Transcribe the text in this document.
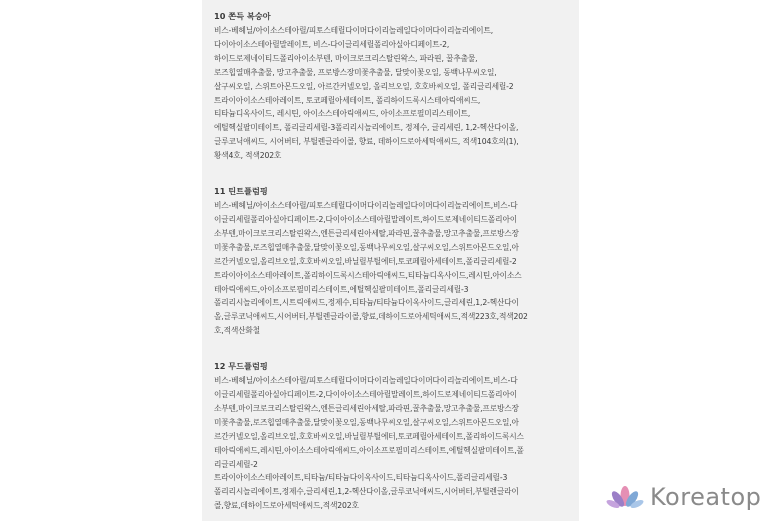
10 쫀득 복숭아
비스-베헤닐/아이소스테아릴/피토스테릴다이머다이리놀레일다이머다이리놀리에이트,
다이아이소스테아릴말레이트, 비스-다이글리세릴폴리아실아디페이트-2,
하이드로제네이티드폴리아이소부텐, 마이크로크리스탈린왁스, 파라핀, 꿀추출물,
로즈힙열매추출물, 망고추출물, 프로방스장미꽃추출물, 달맞이꽃오일, 동백나무씨오일,
살구씨오일, 스위트아몬드오일, 아르간커넬오일, 올리브오일, 호호바씨오일, 폴리글리세릴-2
트라이아이소스테아레이트, 토코페릴아세테이트, 폴리하이드록시스테아릭애씨드,
티타늄디옥사이드, 레시틴, 아이소스테아릭애씨드, 아이소프로필미리스테이트,
에틸헥실팔미테이트, 폴리글리세릴-3폴리리시놀리에이트, 정제수, 글리세린, 1,2-헥산다이올,
글루코닉애씨드, 시어버터, 부틸렌글라이콜, 향료, 데하이드로아세틱애씨드, 적색104호의(1),
황색4호, 적색202호
11 틴트플럼핑
비스-베헤닐/아이소스테아릴/피토스테릴다이머다이리놀레일다이머다이리놀리에이트,비스-다
이글리세릴폴리아실아디페이트-2,다이아이소스테아릴말레이트,하이드로제네이티드폴리아이
소부텐,마이크로크리스탈린왁스,엔튼글리세린아세탈,파라핀,꿀추출물,망고추출물,프로방스장
미꽃추출물,로즈힙열매추출물,달맞이꽃오일,동백나무씨오일,살구씨오일,스위트아몬드오일,아
르간커넬오일,올리브오일,호호바씨오일,바닐릴부틸에터,토코페릴아세테이트,폴리글리세릴-2
트라이아이소스테아레이트,폴리하이드록시스테아릭애씨드,티타늄디옥사이드,레시틴,아이소스
테아릭애씨드,아이소프로필미리스테이트,에틸헥실팔미테이트,폴리글리세릴-3
폴리리시놀리에이트,시트릭애씨드,정제수,티타늄/티타늄다이옥사이드,글리세린,1,2-헥산다이
올,글루코닉애씨드,시어버터,부틸렌글라이콜,향료,데하이드로아세틱애씨드,적색223호,적색202
호,적색산화철
12 무드플럼핑
비스-베헤닐/아이소스테아릴/피토스테릴다이머다이리놀레일다이머다이리놀리에이트,비스-다
이글리세릴폴리아실아디페이트-2,다이아이소스테아릴말레이트,하이드로제네이티드폴리아이
소부텐,마이크로크리스탈린왁스,엔튼글리세린아세탈,파라핀,꿀추출물,망고추출물,프로방스장
미꽃추출물,로즈힙열매추출물,달맞이꽃오일,동백나무씨오일,살구씨오일,스위트아몬드오일,아
르간커넬오일,올리브오일,호호바씨오일,바닐릴부틸에터,토코페릴아세테이트,폴리하이드록시스
테아릭애씨드,레시틴,아이소스테아릭애씨드,아이소프로필미리스테이트,에틸헥실팔미테이트,폴
리글리세릴-2
트라이아이소스테아레이트,티타늄/티타늄다이옥사이드,티타늄디옥사이드,폴리글리세릴-3
폴리리시놀리에이트,정제수,글리세린,1,2-헥산다이올,글루코닉애씨드,시어버터,부틸렌글라이
콜,향료,데하이드로아세틱애씨드,적색202호	Koreatop
